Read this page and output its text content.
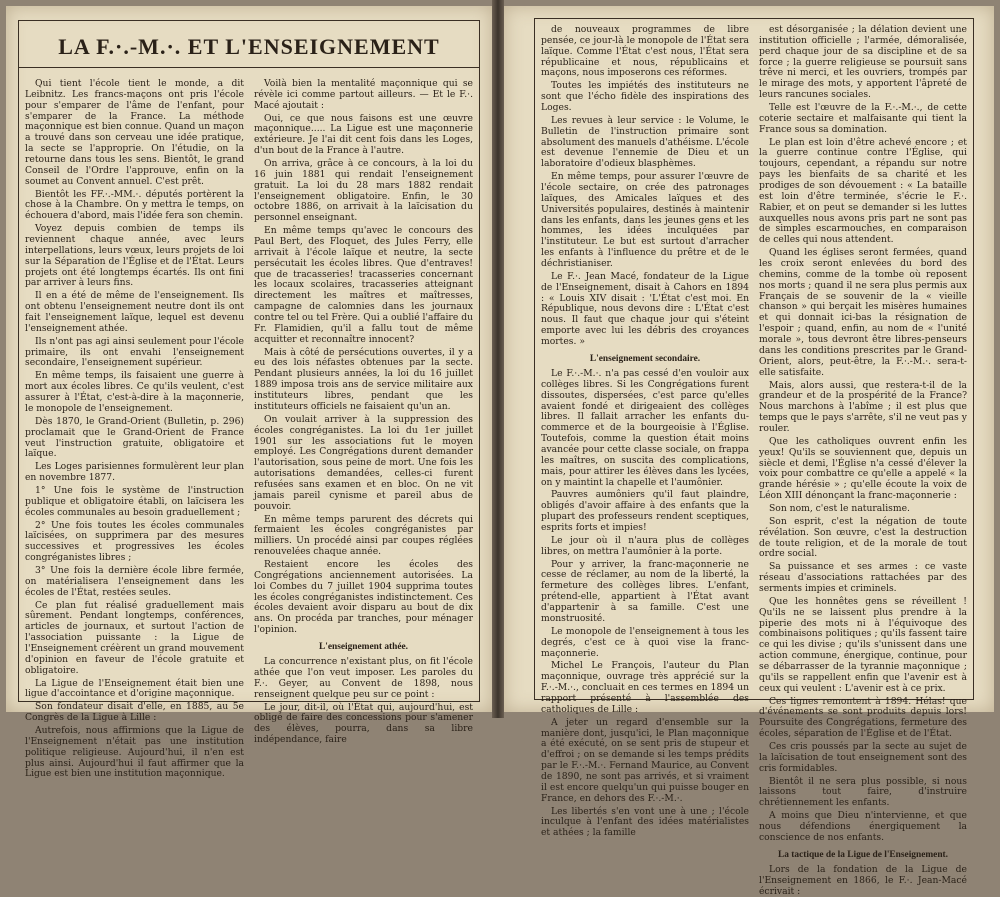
LA F.·.-M.·. ET L'ENSEIGNEMENT

Qui tient l'école tient le monde, a dit Leibnitz. Les francs-maçons ont pris l'école pour s'emparer de l'âme de l'enfant, pour s'emparer de la France. La méthode maçonnique est bien connue. Quand un maçon a trouvé dans son cerveau une idée pratique, la secte se l'approprie. On l'étudie, on la retourne dans tous les sens. Bientôt, le grand Conseil de l'Ordre l'approuve, enfin on la soumet au Convent annuel. C'est prêt.

Bientôt les FF.·.-MM.·. députés portèrent la chose à la Chambre. On y mettra le temps, on échouera d'abord, mais l'idée fera son chemin.

Voyez depuis combien de temps ils reviennent chaque année, avec leurs interpellations, leurs vœux, leurs projets de loi sur la Séparation de l'Église et de l'État. Leurs projets ont été longtemps écartés. Ils ont fini par arriver à leurs fins.

Il en a été de même de l'enseignement. Ils ont obtenu l'enseignement neutre dont ils ont fait l'enseignement laïque, lequel est devenu l'enseignement athée.

Ils n'ont pas agi ainsi seulement pour l'école primaire, ils ont envahi l'enseignement secondaire, l'enseignement supérieur.

En même temps, ils faisaient une guerre à mort aux écoles libres. Ce qu'ils veulent, c'est assurer à l'État, c'est-à-dire à la maçonnerie, le monopole de l'enseignement.

Dès 1870, le Grand-Orient (Bulletin, p. 296) proclamait que le Grand-Orient de France veut l'instruction gratuite, obligatoire et laïque.

Les Loges parisiennes formulèrent leur plan en novembre 1877.

1° Une fois le système de l'instruction publique et obligatoire établi, on laïcisera les écoles communales au besoin graduellement ;

2° Une fois toutes les écoles communales laïcisées, on supprimera par des mesures successives et progressives les écoles congréganistes libres ;

3° Une fois la dernière école libre fermée, on matérialisera l'enseignement dans les écoles de l'État, restées seules.

Ce plan fut réalisé graduellement mais sûrement. Pendant longtemps, conférences, articles de journaux, et surtout l'action de l'association puissante : la Ligue de l'Enseignement créèrent un grand mouvement d'opinion en faveur de l'école gratuite et obligatoire.

La Ligue de l'Enseignement était bien une ligue d'accointance et d'origine maçonnique.

Son fondateur disait d'elle, en 1885, au 5e Congrès de la Ligue à Lille :

Autrefois, nous affirmions que la Ligue de l'Enseignement n'était pas une institution politique religieuse. Aujourd'hui, il n'en est plus ainsi. Aujourd'hui il faut affirmer que la Ligue est bien une institution maçonnique.

Voilà bien la mentalité maçonnique qui se révèle ici comme partout ailleurs. — Et le F.·. Macé ajoutait :

Oui, ce que nous faisons est une œuvre maçonnique..... La Ligue est une maçonnerie extérieure. Je l'ai dit cent fois dans les Loges, d'un bout de la France à l'autre.

On arriva, grâce à ce concours, à la loi du 16 juin 1881 qui rendait l'enseignement gratuit. La loi du 28 mars 1882 rendait l'enseignement obligatoire. Enfin, le 30 octobre 1886, on arrivait à la laïcisation du personnel enseignant.

En même temps qu'avec le concours des Paul Bert, des Floquet, des Jules Ferry, elle arrivait à l'école laïque et neutre, la secte persécutait les écoles libres. Que d'entraves! que de tracasseries! tracasseries concernant les locaux scolaires, tracasseries atteignant directement les maîtres et maîtresses, campagne de calomnies dans les journaux contre tel ou tel Frère. Qui a oublié l'affaire du Fr. Flamidien, qu'il a fallu tout de même acquitter et reconnaître innocent?

Mais à côté de persécutions ouvertes, il y a eu des lois néfastes obtenues par la secte. Pendant plusieurs années, la loi du 16 juillet 1889 imposa trois ans de service militaire aux instituteurs libres, pendant que les instituteurs officiels ne faisaient qu'un an.

On voulait arriver à la suppression des écoles congréganistes. La loi du 1er juillet 1901 sur les associations fut le moyen employé. Les Congrégations durent demander l'autorisation, sous peine de mort. Une fois les autorisations demandées, celles-ci furent refusées sans examen et en bloc. On ne vit jamais pareil cynisme et pareil abus de pouvoir.

En même temps parurent des décrets qui fermaient les écoles congréganistes par milliers. Un procédé ainsi par coupes réglées renouvelées chaque année.

Restaient encore les écoles des Congrégations anciennement autorisées. La loi Combes du 7 juillet 1904 supprima toutes les écoles congréganistes indistinctement. Ces écoles devaient avoir disparu au bout de dix ans. On procéda par tranches, pour ménager l'opinion.

L'enseignement athée.

La concurrence n'existant plus, on fit l'école athée que l'on veut imposer. Les paroles du F.·. Geyer, au Convent de 1898, nous renseignent quelque peu sur ce point :

Le jour, dit-il, où l'État qui, aujourd'hui, est obligé de faire des concessions pour s'amener des élèves, pourra, dans sa libre indépendance, faire

de nouveaux programmes de libre pensée, ce jour-là le monopole de l'État sera laïque. Comme l'État c'est nous, l'État sera républicaine et nous, républicains et maçons, nous imposerons ces réformes.

Toutes les impiétés des instituteurs ne sont que l'écho fidèle des inspirations des Loges.

Les revues à leur service : le Volume, le Bulletin de l'instruction primaire sont absolument des manuels d'athéisme. L'école est devenue l'ennemie de Dieu et un laboratoire d'odieux blasphèmes.

En même temps, pour assurer l'œuvre de l'école sectaire, on crée des patronages laïques, des Amicales laïques et des Universités populaires, destinés à maintenir dans les enfants, dans les jeunes gens et les hommes, les idées inculquées par l'instituteur. Le but est surtout d'arracher les enfants à l'influence du prêtre et de le déchristianiser.

Le F.·. Jean Macé, fondateur de la Ligue de l'Enseignement, disait à Cahors en 1894 : « Louis XIV disait : 'L'État c'est moi. En République, nous devons dire : L'État c'est nous. Il faut que chaque jour qui s'éteint emporte avec lui les débris des croyances mortes. »

L'enseignement secondaire.

Le F.·.-M.·. n'a pas cessé d'en vouloir aux collèges libres. Si les Congrégations furent dissoutes, dispersées, c'est parce qu'elles avaient fondé et dirigeaient des collèges libres. Il fallait arracher les enfants du-commerce et de la bourgeoisie à l'Église. Toutefois, comme la question était moins avancée pour cette classe sociale, on frappa les maîtres, on suscita des complications, mais, pour attirer les élèves dans les lycées, on y maintint la chapelle et l'aumônier.

Pauvres aumôniers qu'il faut plaindre, obligés d'avoir affaire à des enfants que la plupart des professeurs rendent sceptiques, esprits forts et impies!

Le jour où il n'aura plus de collèges libres, on mettra l'aumônier à la porte.

Pour y arriver, la franc-maçonnerie ne cesse de réclamer, au nom de la liberté, la fermeture des collèges libres. L'enfant, prétend-elle, appartient à l'État avant d'appartenir à sa famille. C'est une monstruosité.

Le monopole de l'enseignement à tous les degrés, c'est ce à quoi vise la franc-maçonnerie.

Michel Le François, l'auteur du Plan maçonnique, ouvrage très apprécié sur la F.·.-M.·., concluait en ces termes en 1894 un rapport présenté à l'assemblée des catholiques de Lille :

A jeter un regard d'ensemble sur la manière dont, jusqu'ici, le Plan maçonnique a été exécuté, on se sent pris de stupeur et d'effroi ; on se demande si les temps prédits par le F.·.-M.·. Fernand Maurice, au Convent de 1890, ne sont pas arrivés, et si vraiment il est encore quelqu'un qui puisse bouger en France, en dehors des F.·.-M.·.

Les libertés s'en vont une à une ; l'école inculque à l'enfant des idées matérialistes et athées ; la famille

est désorganisée ; la délation devient une institution officielle ; l'armée, démoralisée, perd chaque jour de sa discipline et de sa force ; la guerre religieuse se poursuit sans trêve ni merci, et les ouvriers, trompés par le mirage des mots, y apportent l'âpreté de leurs rancunes sociales.

Telle est l'œuvre de la F.·.-M.·., de cette coterie sectaire et malfaisante qui tient la France sous sa domination.

Le plan est loin d'être achevé encore ; et la guerre continue contre l'Église, qui toujours, cependant, a répandu sur notre pays les bienfaits de sa charité et les prodiges de son dévouement : « La bataille est loin d'être terminée, s'écrie le F.·. Rabier, et on peut se demander si les luttes auxquelles nous avons pris part ne sont pas de simples escarmouches, en comparaison de celles qui nous attendent.

Quand les églises seront fermées, quand les croix seront enlevées du bord des chemins, comme de la tombe où reposent nos morts ; quand il ne sera plus permis aux Français de se souvenir de la « vieille chanson » qui berçait les misères humaines et qui donnait ici-bas la résignation de l'espoir ; quand, enfin, au nom de « l'unité morale », tous devront être libres-penseurs dans les conditions prescrites par le Grand-Orient, alors, peut-être, la F.·.-M.·. sera-t-elle satisfaite.

Mais, alors aussi, que restera-t-il de la grandeur et de la prospérité de la France? Nous marchons à l'abîme ; il est plus que temps que le pays s'arrête, s'il ne veut pas y rouler.

Que les catholiques ouvrent enfin les yeux! Qu'ils se souviennent que, depuis un siècle et demi, l'Église n'a cessé d'élever la voix pour combattre ce qu'elle a appelé « la grande hérésie » ; qu'elle écoute la voix de Léon XIII dénonçant la franc-maçonnerie :

Son nom, c'est le naturalisme.

Son esprit, c'est la négation de toute révélation. Son œuvre, c'est la destruction de toute religion, et de la morale de tout ordre social.

Sa puissance et ses armes : ce vaste réseau d'associations rattachées par des serments impies et criminels.

Que les honnêtes gens se réveillent ! Qu'ils ne se laissent plus prendre à la piperie des mots ni à l'équivoque des combinaisons politiques ; qu'ils fassent taire ce qui les divise ; qu'ils s'unissent dans une action commune, énergique, continue, pour se débarrasser de la tyrannie maçonnique ; qu'ils se rappellent enfin que l'avenir est à ceux qui veulent : L'avenir est à ce prix.

Ces lignes remontent à 1894. Hélas! que d'événements se sont produits depuis lors! Poursuite des Congrégations, fermeture des écoles, séparation de l'Église et de l'État.

Ces cris poussés par la secte au sujet de la laïcisation de tout enseignement sont des cris formidables.

Bientôt il ne sera plus possible, si nous laissons tout faire, d'instruire chrétiennement les enfants.

A moins que Dieu n'intervienne, et que nous défendions énergiquement la conscience de nos enfants.

La tactique de la Ligue de l'Enseignement.

Lors de la fondation de la Ligue de l'Enseignement en 1866, le F.·. Jean-Macé écrivait :
